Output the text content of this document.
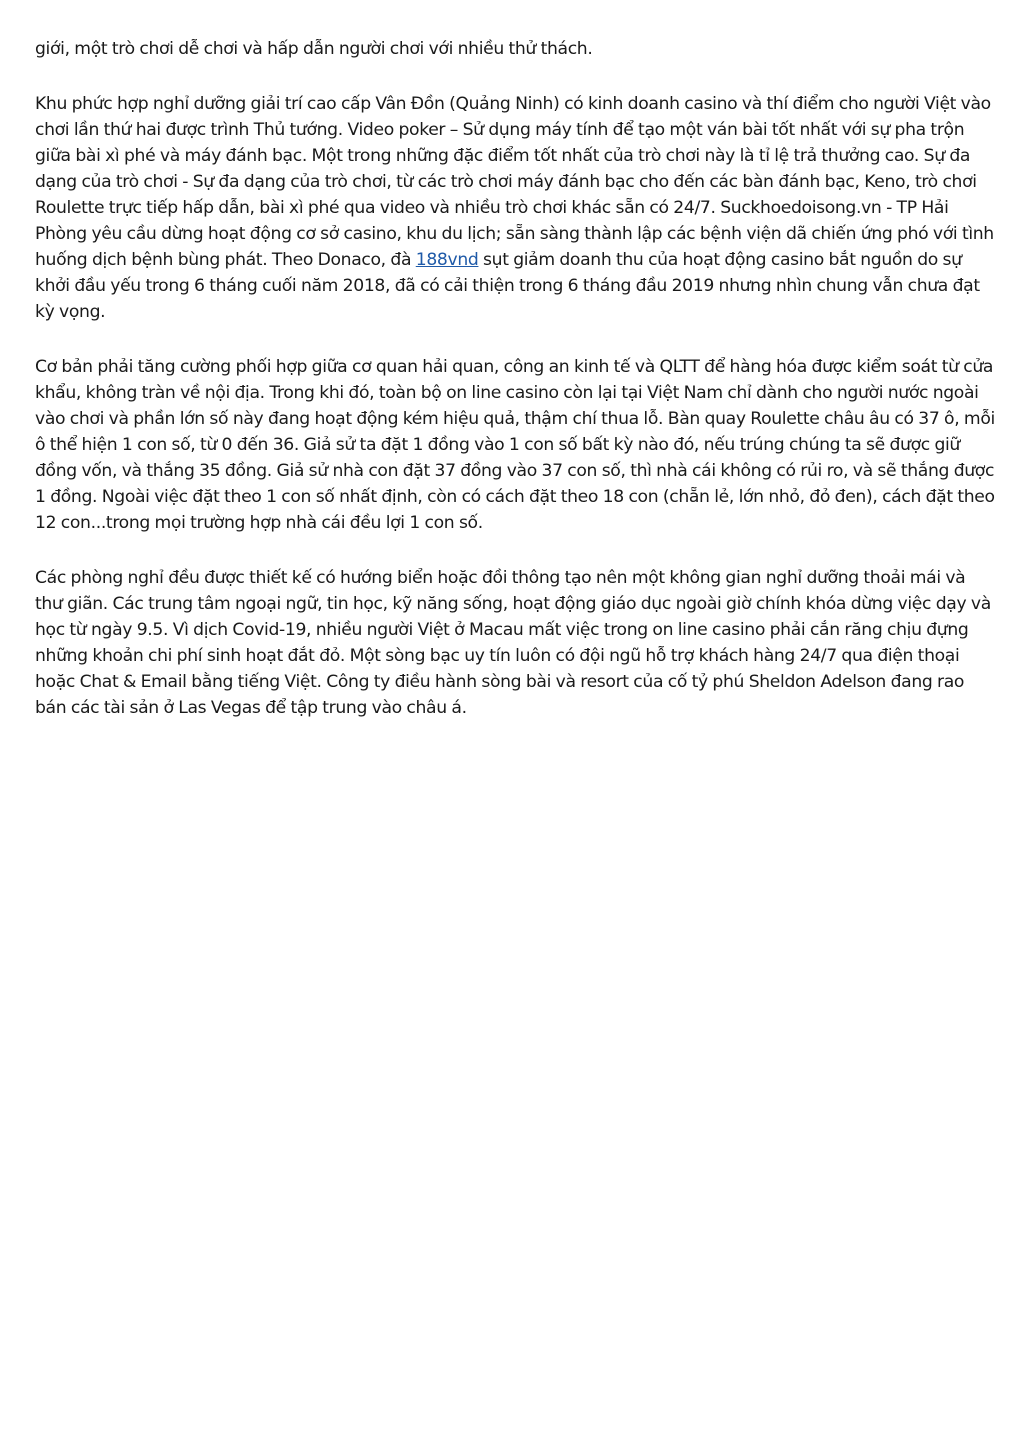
giới, một trò chơi dễ chơi và hấp dẫn người chơi với nhiều thử thách.

Khu phức hợp nghỉ dưỡng giải trí cao cấp Vân Đồn (Quảng Ninh) có kinh doanh casino và thí điểm cho người Việt vào chơi lần thứ hai được trình Thủ tướng. Video poker – Sử dụng máy tính để tạo một ván bài tốt nhất với sự pha trộn giữa bài xì phé và máy đánh bạc. Một trong những đặc điểm tốt nhất của trò chơi này là tỉ lệ trả thưởng cao. Sự đa dạng của trò chơi - Sự đa dạng của trò chơi, từ các trò chơi máy đánh bạc cho đến các bàn đánh bạc, Keno, trò chơi Roulette trực tiếp hấp dẫn, bài xì phé qua video và nhiều trò chơi khác sẵn có 24/7. Suckhoedoisong.vn - TP Hải Phòng yêu cầu dừng hoạt động cơ sở casino, khu du lịch; sẵn sàng thành lập các bệnh viện dã chiến ứng phó với tình huống dịch bệnh bùng phát. Theo Donaco, đà 188vnd sụt giảm doanh thu của hoạt động casino bắt nguồn do sự khởi đầu yếu trong 6 tháng cuối năm 2018, đã có cải thiện trong 6 tháng đầu 2019 nhưng nhìn chung vẫn chưa đạt kỳ vọng.

Cơ bản phải tăng cường phối hợp giữa cơ quan hải quan, công an kinh tế và QLTT để hàng hóa được kiểm soát từ cửa khẩu, không tràn về nội địa. Trong khi đó, toàn bộ on line casino còn lại tại Việt Nam chỉ dành cho người nước ngoài vào chơi và phần lớn số này đang hoạt động kém hiệu quả, thậm chí thua lỗ. Bàn quay Roulette châu âu có 37 ô, mỗi ô thể hiện 1 con số, từ 0 đến 36. Giả sử ta đặt 1 đồng vào 1 con số bất kỳ nào đó, nếu trúng chúng ta sẽ được giữ đồng vốn, và thắng 35 đồng. Giả sử nhà con đặt 37 đồng vào 37 con số, thì nhà cái không có rủi ro, và sẽ thắng được 1 đồng. Ngoài việc đặt theo 1 con số nhất định, còn có cách đặt theo 18 con (chẵn lẻ, lớn nhỏ, đỏ đen), cách đặt theo 12 con...trong mọi trường hợp nhà cái đều lợi 1 con số.

Các phòng nghỉ đều được thiết kế có hướng biển hoặc đồi thông tạo nên một không gian nghỉ dưỡng thoải mái và thư giãn. Các trung tâm ngoại ngữ, tin học, kỹ năng sống, hoạt động giáo dục ngoài giờ chính khóa dừng việc dạy và học từ ngày 9.5. Vì dịch Covid-19, nhiều người Việt ở Macau mất việc trong on line casino phải cắn răng chịu đựng những khoản chi phí sinh hoạt đắt đỏ. Một sòng bạc uy tín luôn có đội ngũ hỗ trợ khách hàng 24/7 qua điện thoại hoặc Chat & Email bằng tiếng Việt. Công ty điều hành sòng bài và resort của cố tỷ phú Sheldon Adelson đang rao bán các tài sản ở Las Vegas để tập trung vào châu á.
